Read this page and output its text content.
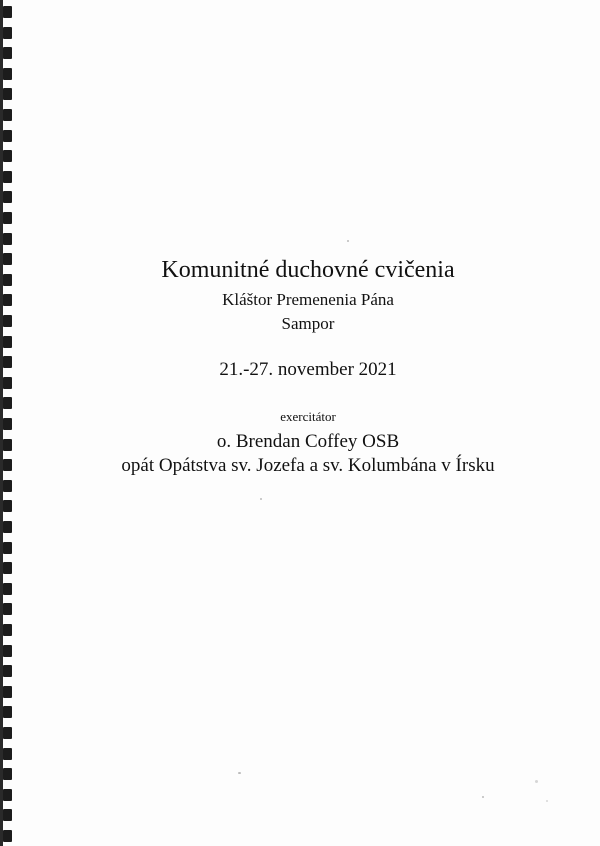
Komunitné duchovné cvičenia
Kláštor Premenenia Pána
Sampor
21.-27. november 2021
exercitátor
o. Brendan Coffey OSB
opát Opátstva sv. Jozefa a sv. Kolumbána v Írsku
